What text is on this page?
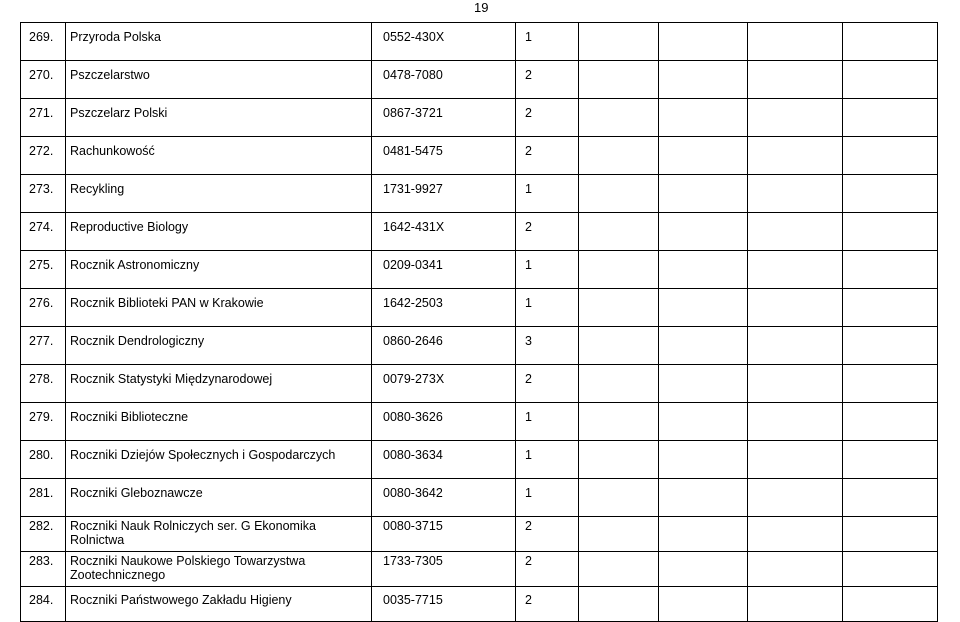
19
269.	Przyroda Polska	0552-430X	1				
270.	Pszczelarstwo	0478-7080	2				
271.	Pszczelarz Polski	0867-3721	2				
272.	Rachunkowość	0481-5475	2				
273.	Recykling	1731-9927	1				
274.	Reproductive Biology	1642-431X	2				
275.	Rocznik Astronomiczny	0209-0341	1				
276.	Rocznik Biblioteki PAN w Krakowie	1642-2503	1				
277.	Rocznik Dendrologiczny	0860-2646	3				
278.	Rocznik Statystyki Międzynarodowej	0079-273X	2				
279.	Roczniki Biblioteczne	0080-3626	1				
280.	Roczniki Dziejów Społecznych i Gospodarczych	0080-3634	1				
281.	Roczniki Gleboznawcze	0080-3642	1				
282.	Roczniki Nauk Rolniczych ser. G Ekonomika Rolnictwa	0080-3715	2				
283.	Roczniki Naukowe Polskiego Towarzystwa Zootechnicznego	1733-7305	2				
284.	Roczniki Państwowego Zakładu Higieny	0035-7715	2				
